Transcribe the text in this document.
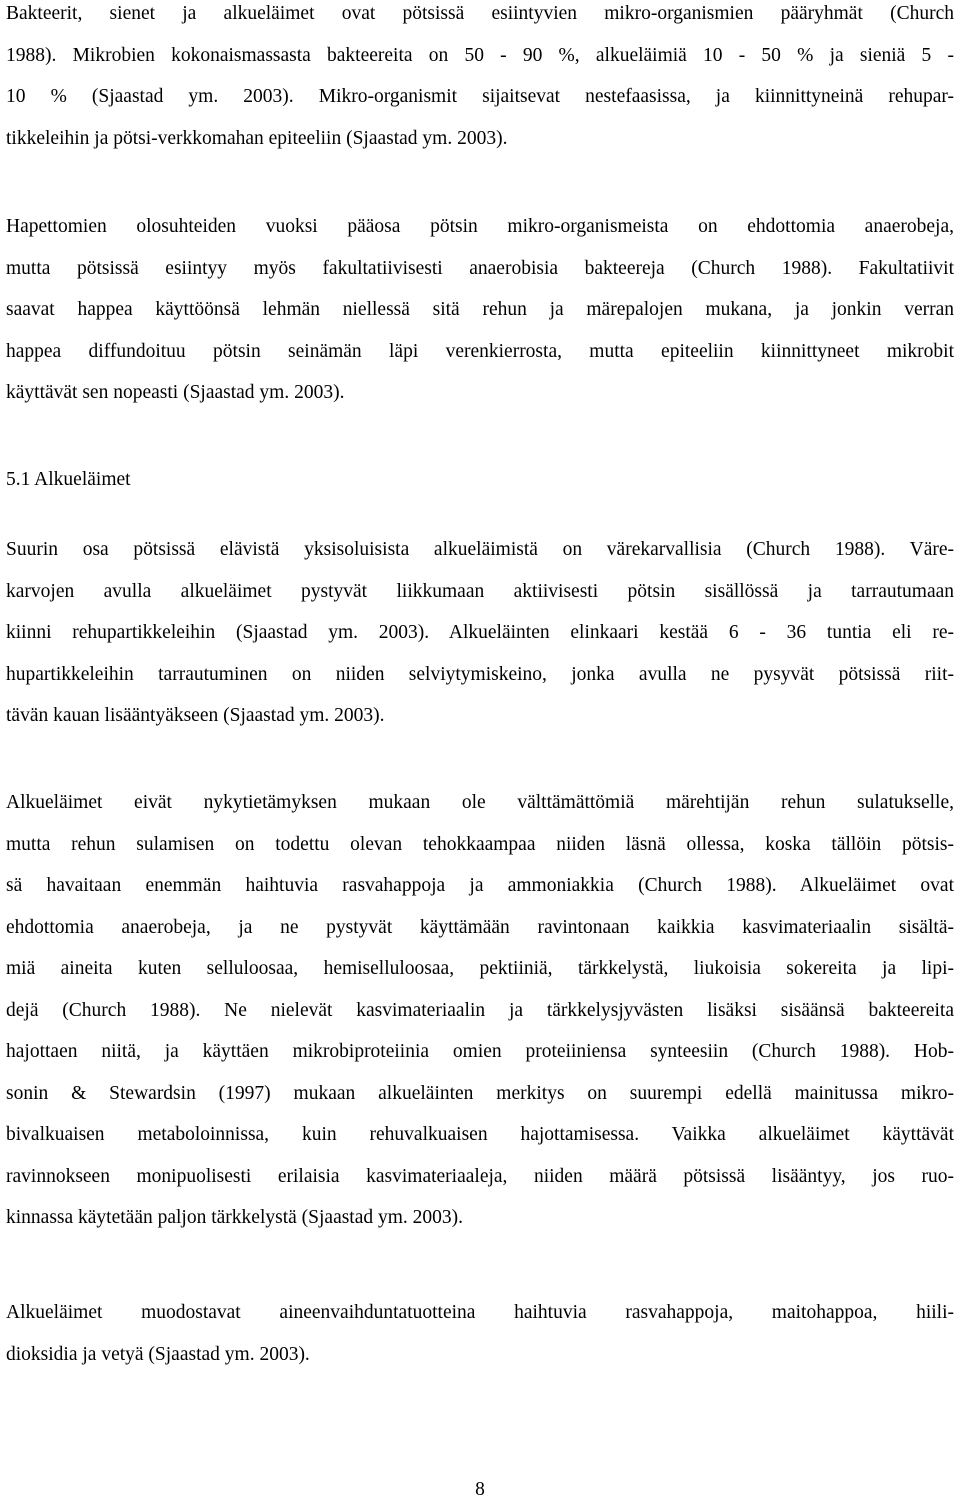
Bakteerit, sienet ja alkueläimet ovat pötsissä esiintyvien mikro-organismien pääryhmät (Church
1988). Mikrobien kokonaismassasta bakteereita on 50 - 90 %, alkueläimiä 10 - 50 % ja sieniä 5 -
10 % (Sjaastad ym. 2003). Mikro-organismit sijaitsevat nestefaasissa, ja kiinnittyneinä rehupar-
tikkeleihin ja pötsi-verkkomahan epiteeliin (Sjaastad ym. 2003).
Hapettomien olosuhteiden vuoksi pääosa pötsin mikro-organismeista on ehdottomia anaerobeja,
mutta pötsissä esiintyy myös fakultatiivisesti anaerobisia bakteereja (Church 1988). Fakultatiivit
saavat happea käyttöönsä lehmän niellessä sitä rehun ja märepalojen mukana, ja jonkin verran
happea diffundoituu pötsin seinämän läpi verenkierrosta, mutta epiteeliin kiinnittyneet mikrobit
käyttävät sen nopeasti (Sjaastad ym. 2003).
5.1 Alkueläimet
Suurin osa pötsissä elävistä yksisoluisista alkueläimistä on värekarvallisia (Church 1988). Väre-
karvojen avulla alkueläimet pystyvät liikkumaan aktiivisesti pötsin sisällössä ja tarrautumaan
kiinni rehupartikkeleihin (Sjaastad ym. 2003). Alkueläinten elinkaari kestää 6 - 36 tuntia eli re-
hupartikkeleihin tarrautuminen on niiden selviytymiskeino, jonka avulla ne pysyvät pötsissä riit-
tävän kauan lisääntyäkseen (Sjaastad ym. 2003).
Alkueläimet eivät nykytietämyksen mukaan ole välttämättömiä märehtijän rehun sulatukselle,
mutta rehun sulamisen on todettu olevan tehokkaampaa niiden läsnä ollessa, koska tällöin pötsis-
sä havaitaan enemmän haihtuvia rasvahappoja ja ammoniakkia (Church 1988). Alkueläimet ovat
ehdottomia anaerobeja, ja ne pystyvät käyttämään ravintonaan kaikkia kasvimateriaalin sisältä-
miä aineita kuten selluloosaa, hemiselluloosaa, pektiiniä, tärkkelystä, liukoisia sokereita ja lipi-
dejä (Church 1988). Ne nielevät kasvimateriaalin ja tärkkelysjyvästen lisäksi sisäänsä bakteereita
hajottaen niitä, ja käyttäen mikrobiproteiinia omien proteiiniensa synteesiin (Church 1988). Hob-
sonin & Stewardsin (1997) mukaan alkueläinten merkitys on suurempi edellä mainitussa mikro-
bivalkuaisen metaboloinnissa, kuin rehuvalkuaisen hajottamisessa. Vaikka alkueläimet käyttävät
ravinnokseen monipuolisesti erilaisia kasvimateriaaleja, niiden määrä pötsissä lisääntyy, jos ruo-
kinnassa käytetään paljon tärkkelystä (Sjaastad ym. 2003).
Alkueläimet muodostavat aineenvaihduntatuotteina haihtuvia rasvahappoja, maitohappoa, hiili-
dioksidia ja vetyä (Sjaastad ym. 2003).
8
